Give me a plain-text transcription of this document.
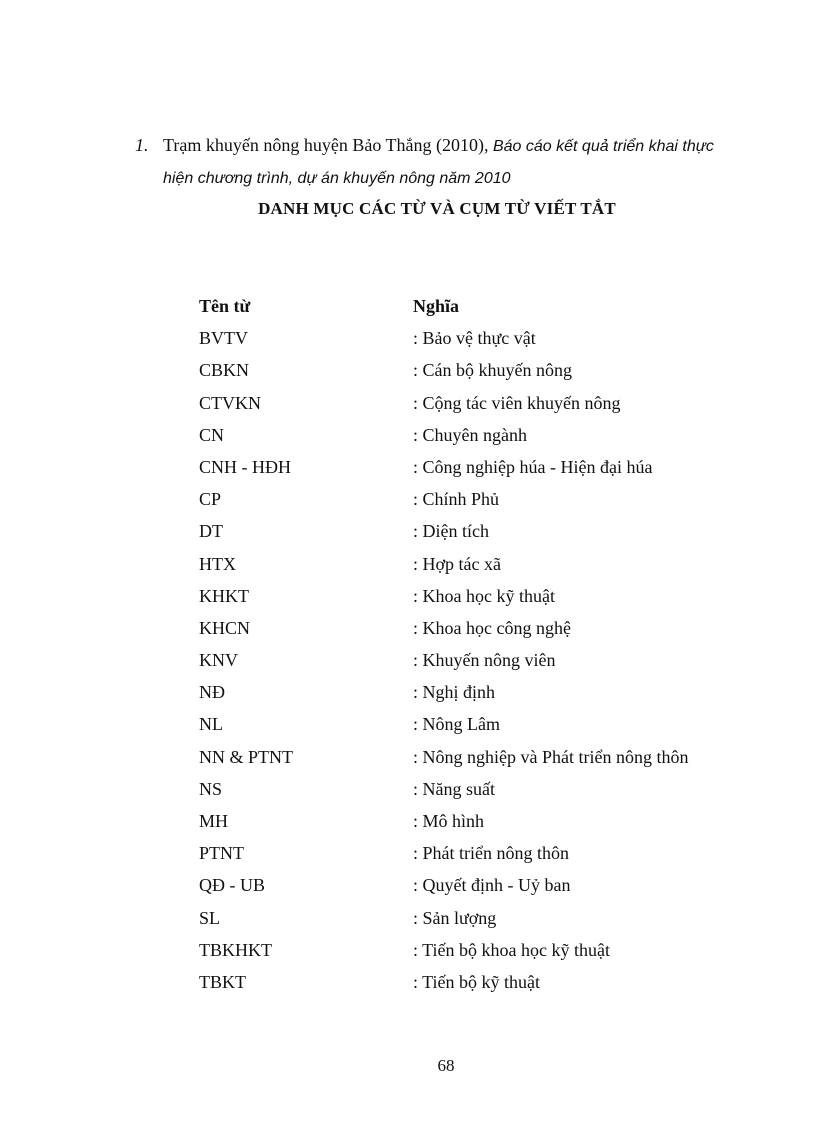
1. Trạm khuyến nông huyện Bảo Thắng (2010), Báo cáo kết quả triển khai thực hiện chương trình, dự án khuyến nông năm 2010
DANH MỤC CÁC TỪ VÀ CỤM TỪ VIẾT TẮT
Tên từ	Nghĩa
BVTV	: Bảo vệ thực vật
CBKN	: Cán bộ khuyến nông
CTVKN	: Cộng tác viên khuyến nông
CN	: Chuyên ngành
CNH - HĐH	: Công nghiệp húa - Hiện đại húa
CP	: Chính Phủ
DT	: Diện tích
HTX	: Hợp tác xã
KHKT	: Khoa học kỹ thuật
KHCN	: Khoa học công nghệ
KNV	: Khuyến nông viên
NĐ	: Nghị định
NL	: Nông Lâm
NN & PTNT	: Nông nghiệp và Phát triển nông thôn
NS	: Năng suất
MH	: Mô hình
PTNT	: Phát triển nông thôn
QĐ - UB	: Quyết định - Uỷ ban
SL	: Sản lượng
TBKHKT	: Tiến bộ khoa học kỹ thuật
TBKT	: Tiến bộ kỹ thuật
68
